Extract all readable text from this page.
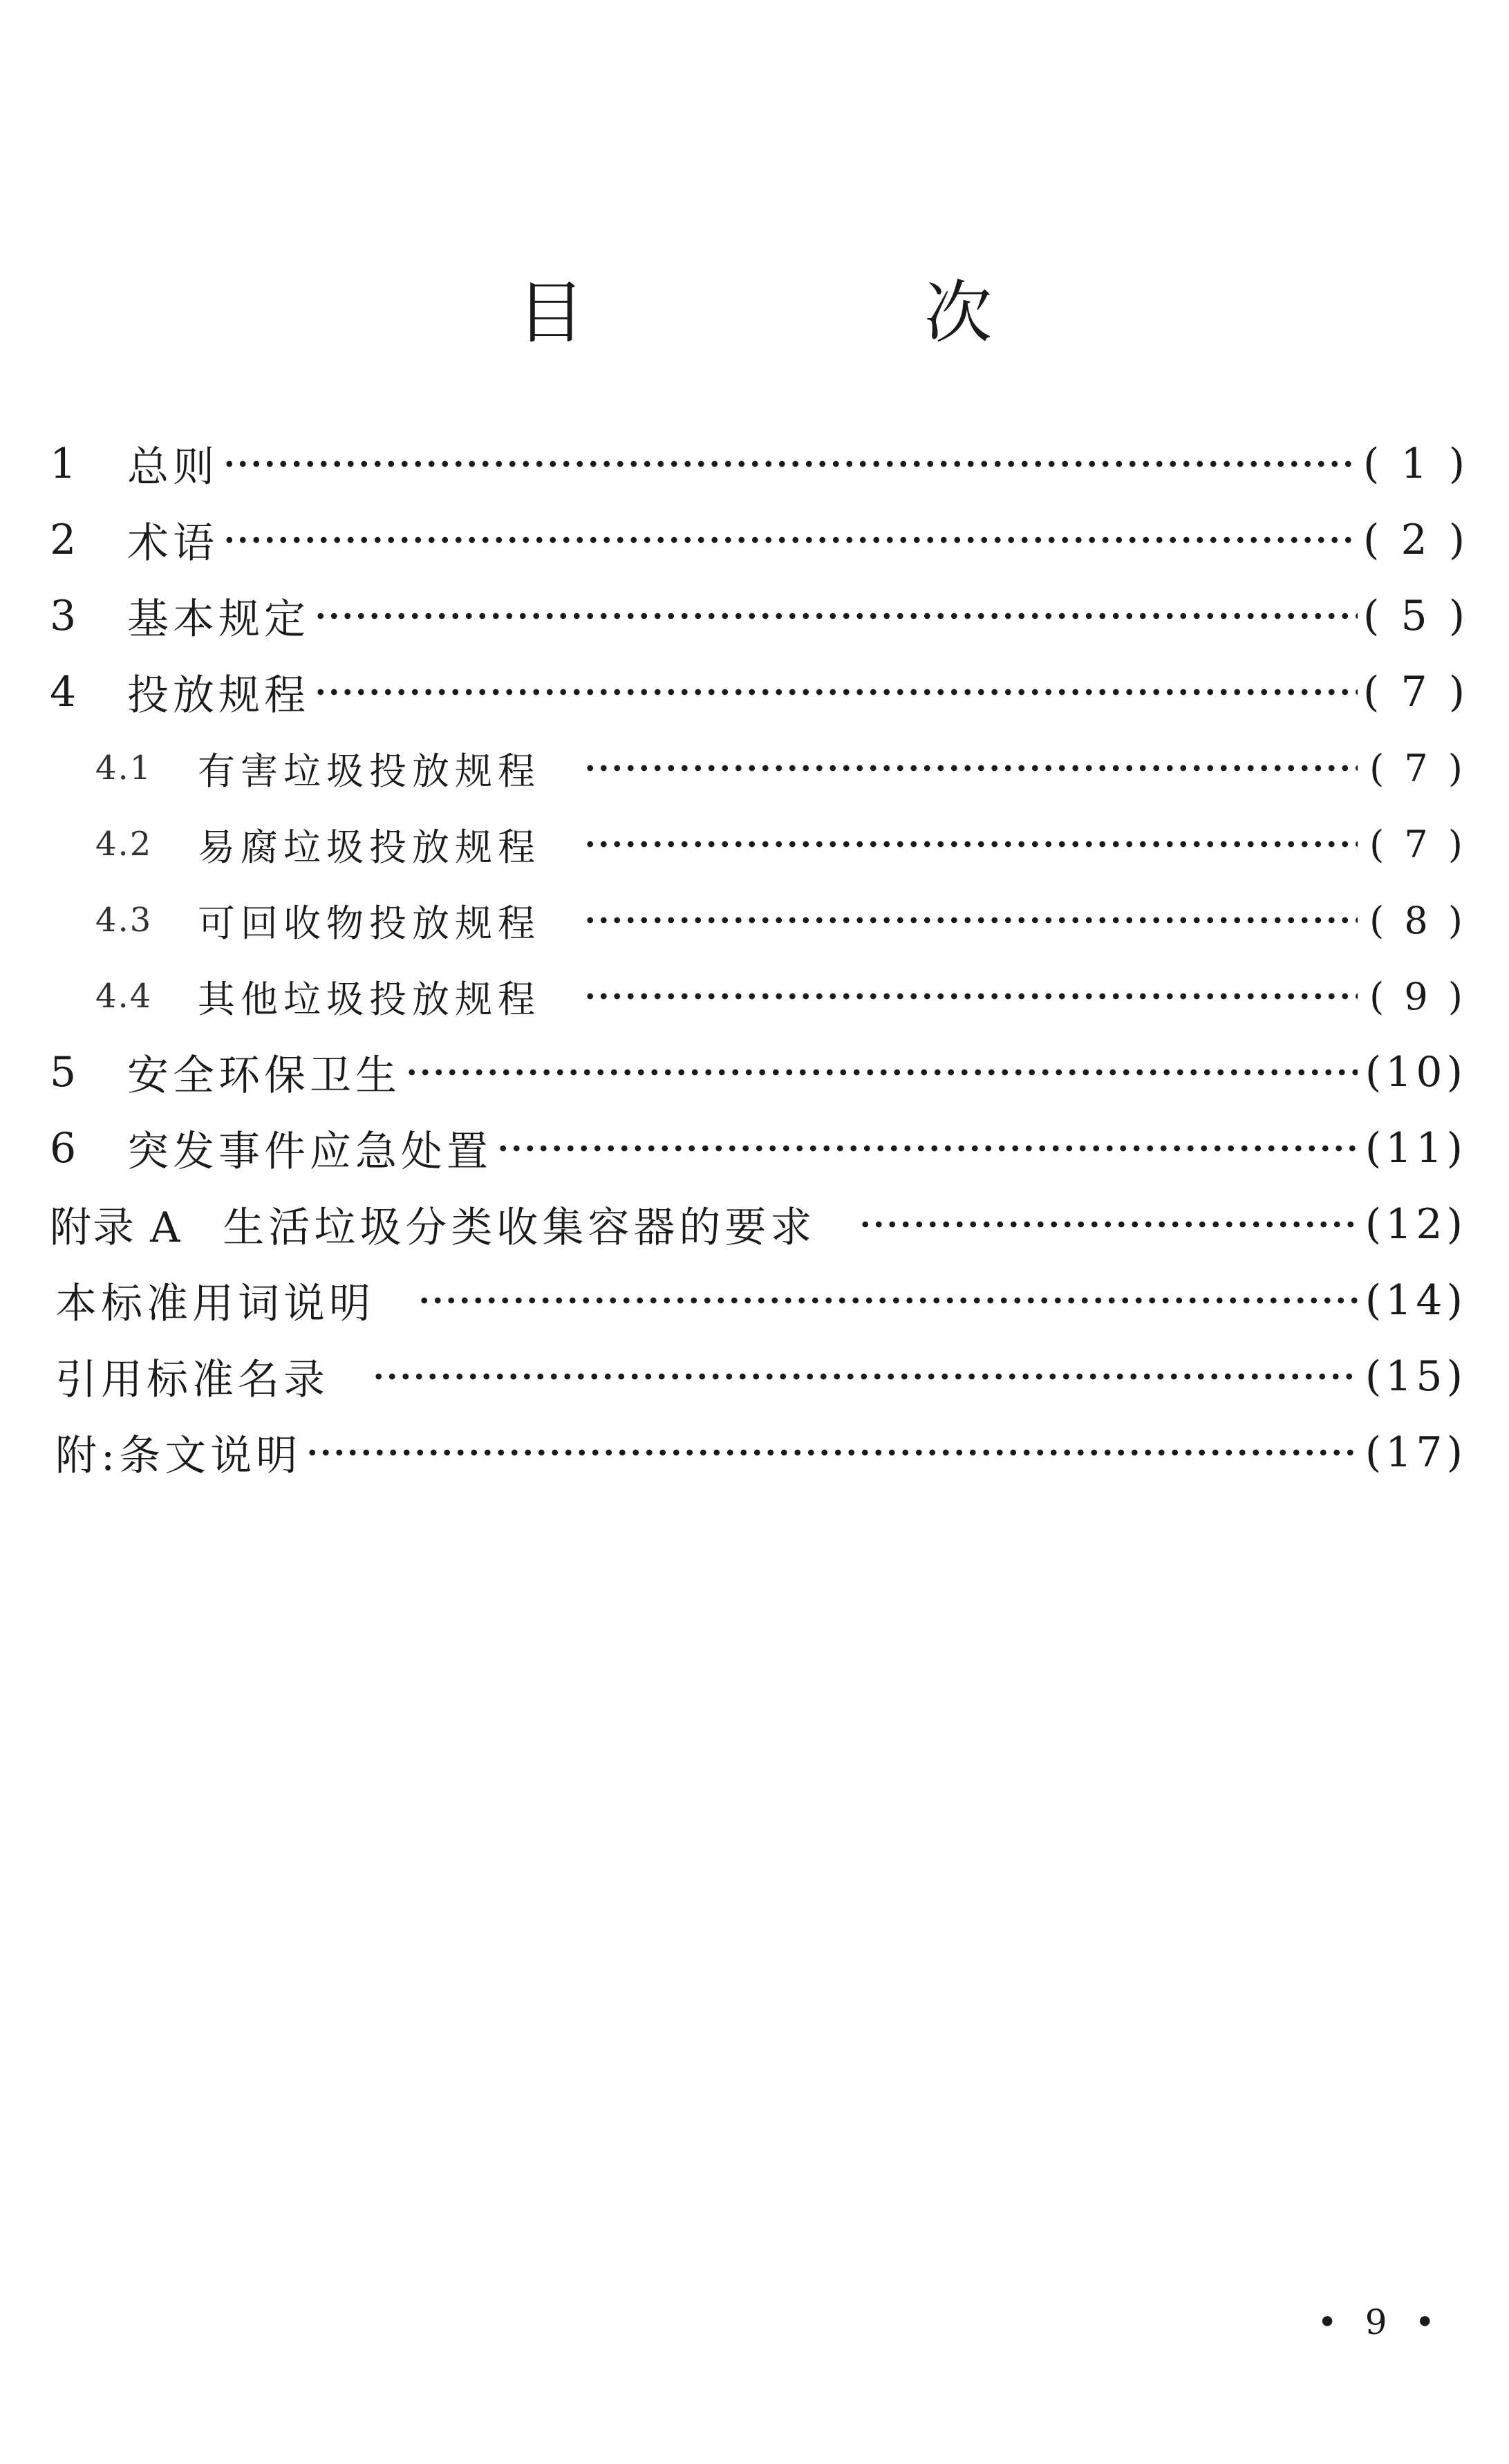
目 次
1	总则	( 1 )
2	术语	( 2 )
3	基本规定	( 5 )
4	投放规程	( 7 )
4.1	有害垃圾投放规程	( 7 )
4.2	易腐垃圾投放规程	( 7 )
4.3	可回收物投放规程	( 8 )
4.4	其他垃圾投放规程	( 9 )
5	安全环保卫生	(10)
6	突发事件应急处置	(11)
附录 A 生活垃圾分类收集容器的要求	(12)
本标准用词说明	(14)
引用标准名录	(15)
附:条文说明	(17)
• 9 •
